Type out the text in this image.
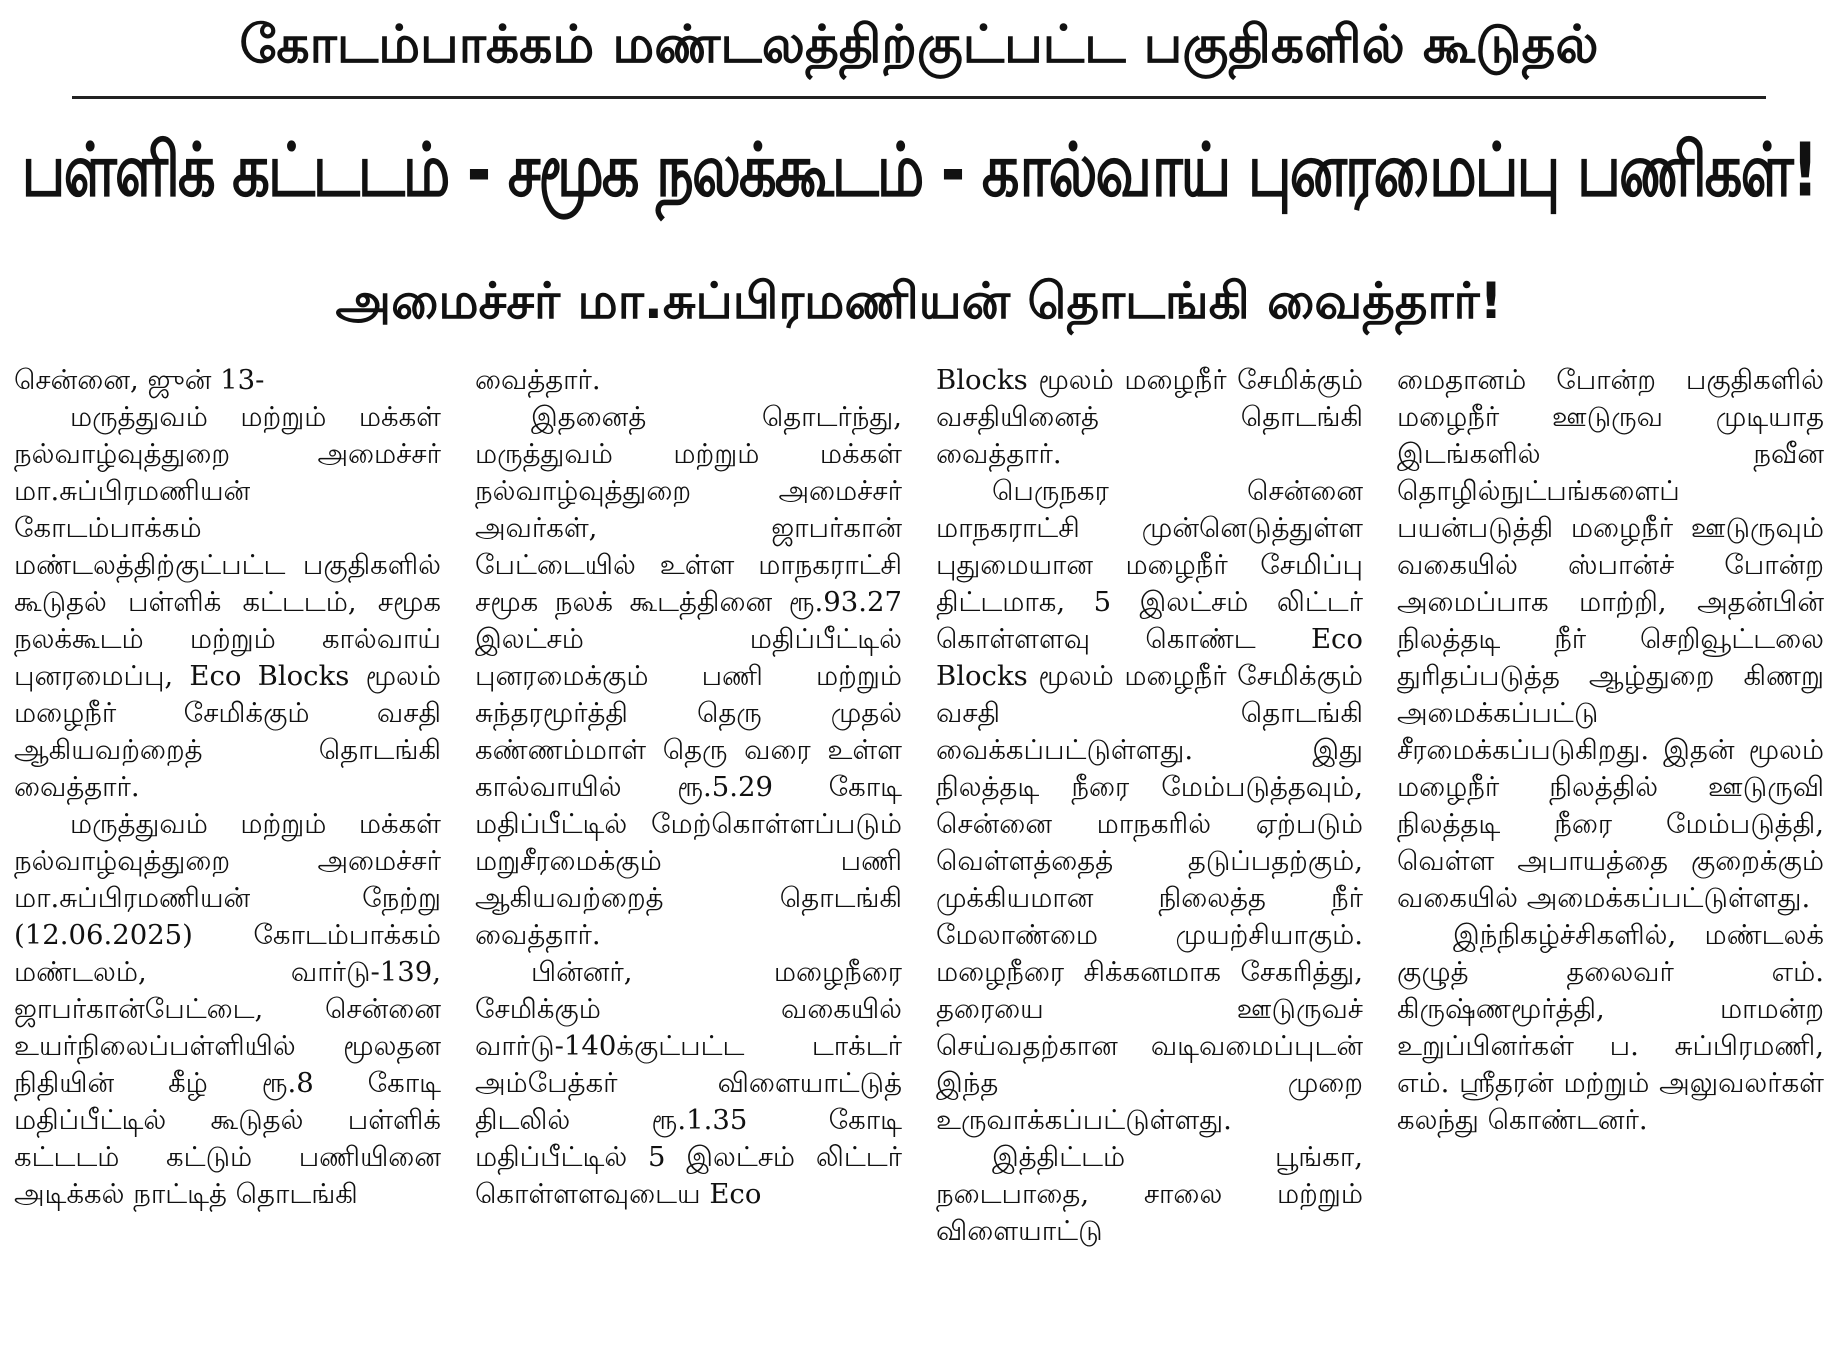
கோடம்பாக்கம் மண்டலத்திற்குட்பட்ட பகுதிகளில் கூடுதல்
பள்ளிக் கட்டடம் - சமூக நலக்கூடம் - கால்வாய் புனரமைப்பு பணிகள்!
அமைச்சர் மா.சுப்பிரமணியன் தொடங்கி வைத்தார்!

சென்னை, ஜுன் 13-

மருத்துவம் மற்றும் மக்கள் நல்வாழ்வுத்துறை அமைச்சர் மா.சுப்பிரமணியன் கோடம்பாக்கம் மண்டலத்திற்குட்பட்ட பகுதிகளில் கூடுதல் பள்ளிக் கட்டடம், சமூக நலக்கூடம் மற்றும் கால்வாய் புனரமைப்பு, Eco Blocks மூலம் மழைநீர் சேமிக்கும் வசதி ஆகியவற்றைத் தொடங்கி வைத்தார்.

மருத்துவம் மற்றும் மக்கள் நல்வாழ்வுத்துறை அமைச்சர் மா.சுப்பிரமணியன் நேற்று (12.06.2025) கோடம்பாக்கம் மண்டலம், வார்டு-139, ஜாபர்கான்பேட்டை, சென்னை உயர்நிலைப்பள்ளியில் மூலதன நிதியின் கீழ் ரூ.8 கோடி மதிப்பீட்டில் கூடுதல் பள்ளிக் கட்டடம் கட்டும் பணியினை அடிக்கல் நாட்டித் தொடங்கி

வைத்தார்.

இதனைத் தொடர்ந்து, மருத்துவம் மற்றும் மக்கள் நல்வாழ்வுத்துறை அமைச்சர் அவர்கள், ஜாபர்கான் பேட்டையில் உள்ள மாநகராட்சி சமூக நலக் கூடத்தினை ரூ.93.27 இலட்சம் மதிப்பீட்டில் புனரமைக்கும் பணி மற்றும் சுந்தரமூர்த்தி தெரு முதல் கண்ணம்மாள் தெரு வரை உள்ள கால்வாயில் ரூ.5.29 கோடி மதிப்பீட்டில் மேற்கொள்ளப்படும் மறுசீரமைக்கும் பணி ஆகியவற்றைத் தொடங்கி வைத்தார்.

பின்னர், மழைநீரை சேமிக்கும் வகையில் வார்டு-140க்குட்பட்ட டாக்டர் அம்பேத்கர் விளையாட்டுத் திடலில் ரூ.1.35 கோடி மதிப்பீட்டில் 5 இலட்சம் லிட்டர் கொள்ளளவுடைய Eco

Blocks மூலம் மழைநீர் சேமிக்கும் வசதியினைத் தொடங்கி வைத்தார்.

பெருநகர சென்னை மாநகராட்சி முன்னெடுத்துள்ள புதுமையான மழைநீர் சேமிப்பு திட்டமாக, 5 இலட்சம் லிட்டர் கொள்ளளவு கொண்ட Eco Blocks மூலம் மழைநீர் சேமிக்கும் வசதி தொடங்கி வைக்கப்பட்டுள்ளது. இது நிலத்தடி நீரை மேம்படுத்தவும், சென்னை மாநகரில் ஏற்படும் வெள்ளத்தைத் தடுப்பதற்கும், முக்கியமான நிலைத்த நீர் மேலாண்மை முயற்சியாகும். மழைநீரை சிக்கனமாக சேகரித்து, தரையை ஊடுருவச் செய்வதற்கான வடிவமைப்புடன் இந்த முறை உருவாக்கப்பட்டுள்ளது.

இத்திட்டம் பூங்கா, நடைபாதை, சாலை மற்றும் விளையாட்டு

மைதானம் போன்ற பகுதிகளில் மழைநீர் ஊடுருவ முடியாத இடங்களில் நவீன தொழில்நுட்பங்களைப் பயன்படுத்தி மழைநீர் ஊடுருவும் வகையில் ஸ்பான்ச் போன்ற அமைப்பாக மாற்றி, அதன்பின் நிலத்தடி நீர் செறிவூட்டலை துரிதப்படுத்த ஆழ்துறை கிணறு அமைக்கப்பட்டு சீரமைக்கப்படுகிறது. இதன் மூலம் மழைநீர் நிலத்தில் ஊடுருவி நிலத்தடி நீரை மேம்படுத்தி, வெள்ள அபாயத்தை குறைக்கும் வகையில் அமைக்கப்பட்டுள்ளது.

இந்நிகழ்ச்சிகளில், மண்டலக் குழுத் தலைவர் எம். கிருஷ்ணமூர்த்தி, மாமன்ற உறுப்பினர்கள் ப. சுப்பிரமணி, எம். ஸ்ரீதரன் மற்றும் அலுவலர்கள் கலந்து கொண்டனர்.
